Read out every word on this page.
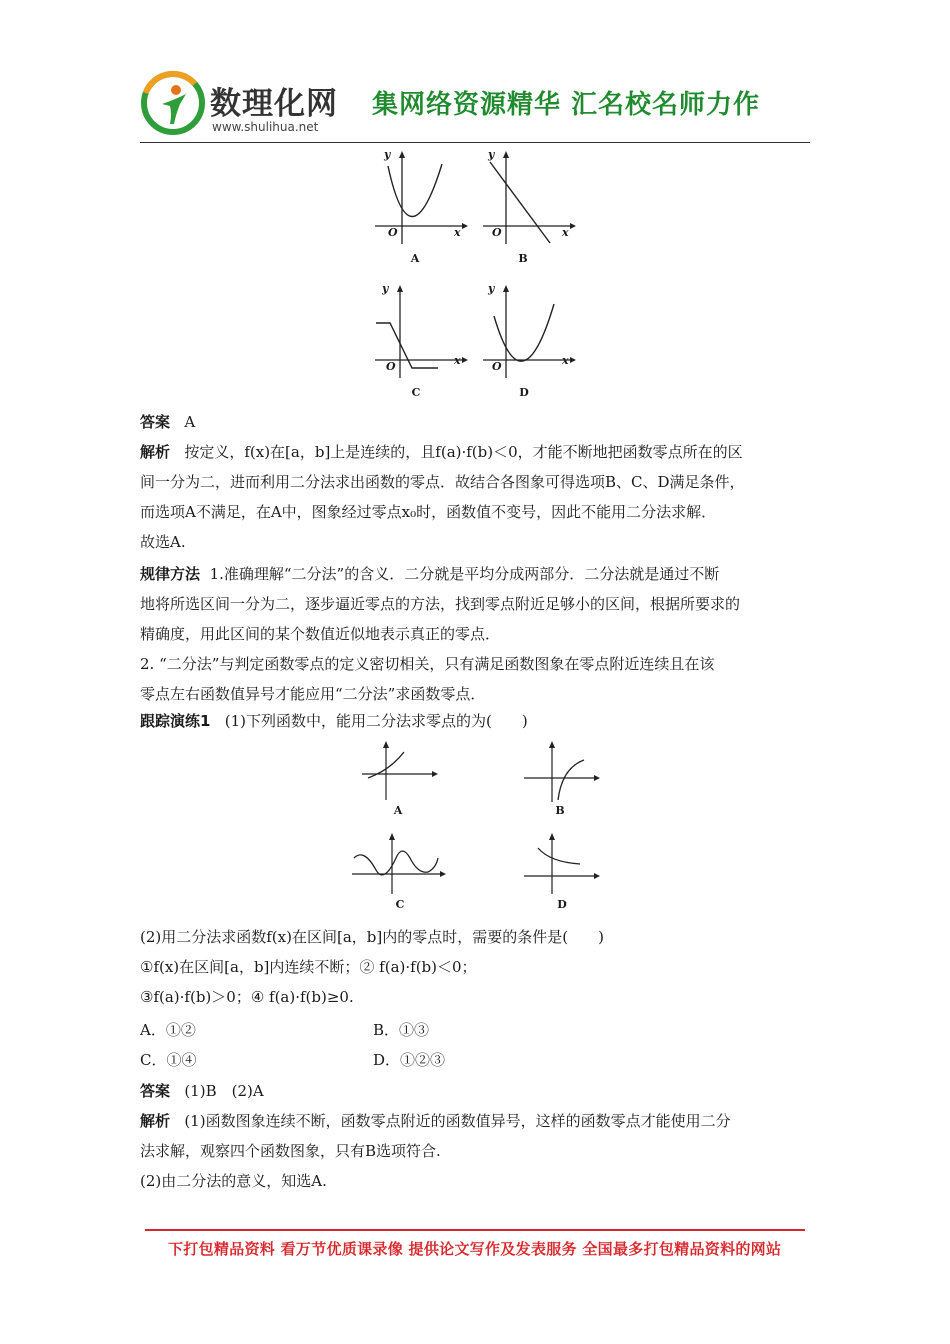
数理化网
www.shulihua.net
集网络资源精华 汇名校名师力作
y
x
O
A
y
x
O
B
y
x
O
C
y
x
O
D

答案 A

解析 按定义，f(x)在[a，b]上是连续的，且f(a)·f(b)＜0，才能不断地把函数零点所在的区
间一分为二，进而利用二分法求出函数的零点．故结合各图象可得选项B、C、D满足条件，
而选项A不满足，在A中，图象经过零点x₀时，函数值不变号，因此不能用二分法求解．
故选A.
规律方法 1.准确理解“二分法”的含义．二分就是平均分成两部分．二分法就是通过不断
地将所选区间一分为二，逐步逼近零点的方法，找到零点附近足够小的区间，根据所要求的
精确度，用此区间的某个数值近似地表示真正的零点．
2. “二分法”与判定函数零点的定义密切相关，只有满足函数图象在零点附近连续且在该
零点左右函数值异号才能应用“二分法”求函数零点．

跟踪演练1 (1)下列函数中，能用二分法求零点的为(　　)

A	B
C	D
(2)用二分法求函数f(x)在区间[a，b]内的零点时，需要的条件是(　　)
①f(x)在区间[a，b]内连续不断；② f(a)·f(b)＜0；
③f(a)·f(b)＞0；④ f(a)·f(b)≥0.
A．①②	B．①③
C．①④	D．①②③

答案 (1)B　(2)A

解析 (1)函数图象连续不断，函数零点附近的函数值异号，这样的函数零点才能使用二分
法求解，观察四个函数图象，只有B选项符合.
(2)由二分法的意义，知选A.
下打包精品资料 看万节优质课录像 提供论文写作及发表服务 全国最多打包精品资料的网站
